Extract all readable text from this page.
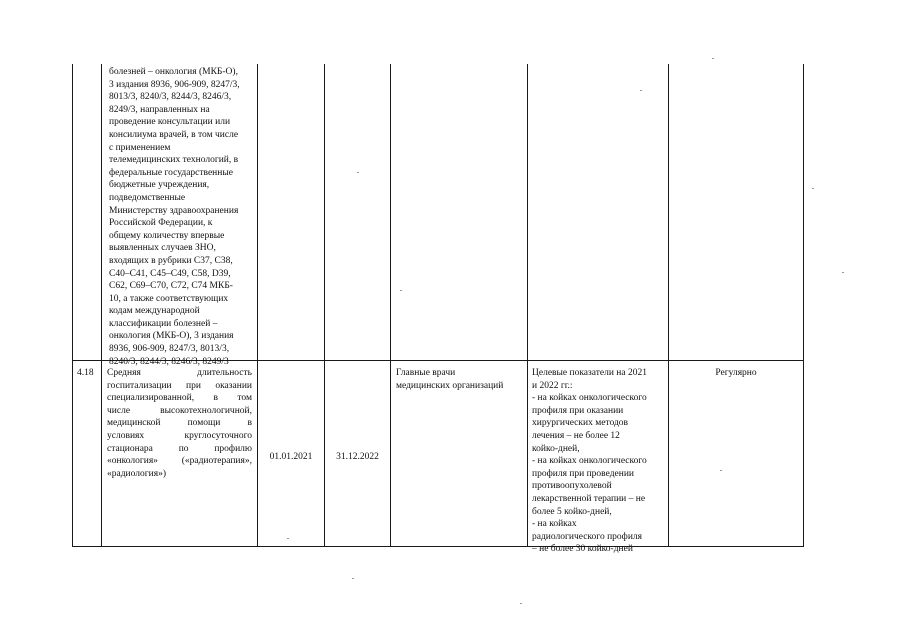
болезней – онкология (МКБ-О),
3 издания 8936, 906-909, 8247/3,
8013/3, 8240/3, 8244/3, 8246/3,
8249/3, направленных на
проведение консультации или
консилиума врачей, в том числе
с применением
телемедицинских технологий, в
федеральные государственные
бюджетные учреждения,
подведомственные
Министерству здравоохранения
Российской Федерации, к
общему количеству впервые
выявленных случаев ЗНО,
входящих в рубрики С37, С38,
С40–С41, С45–С49, С58, D39,
С62, С69–С70, С72, С74 МКБ-
10, а также соответствующих
кодам международной
классификации болезней –
онкология (МКБ-О), 3 издания
8936, 906-909, 8247/3, 8013/3,
8240/3, 8244/3, 8246/3, 8249/3
4.18	Средняя длительность
госпитализации при оказании
специализированной, в том
числе высокотехнологичной,
медицинской помощи в
условиях круглосуточного
стационара по профилю
«онкология» («радиотерапия»,
«радиология»)
01.01.2021	31.12.2022
Главные врачи
медицинских организаций
Целевые показатели на 2021
и 2022 гг.:
- на койках онкологического
профиля при оказании
хирургических методов
лечения – не более 12
койко-дней,
- на койках онкологического
профиля при проведении
противоопухолевой
лекарственной терапии – не
более 5 койко-дней,
- на койках
радиологического профиля
– не более 30 койко-дней
Регулярно
